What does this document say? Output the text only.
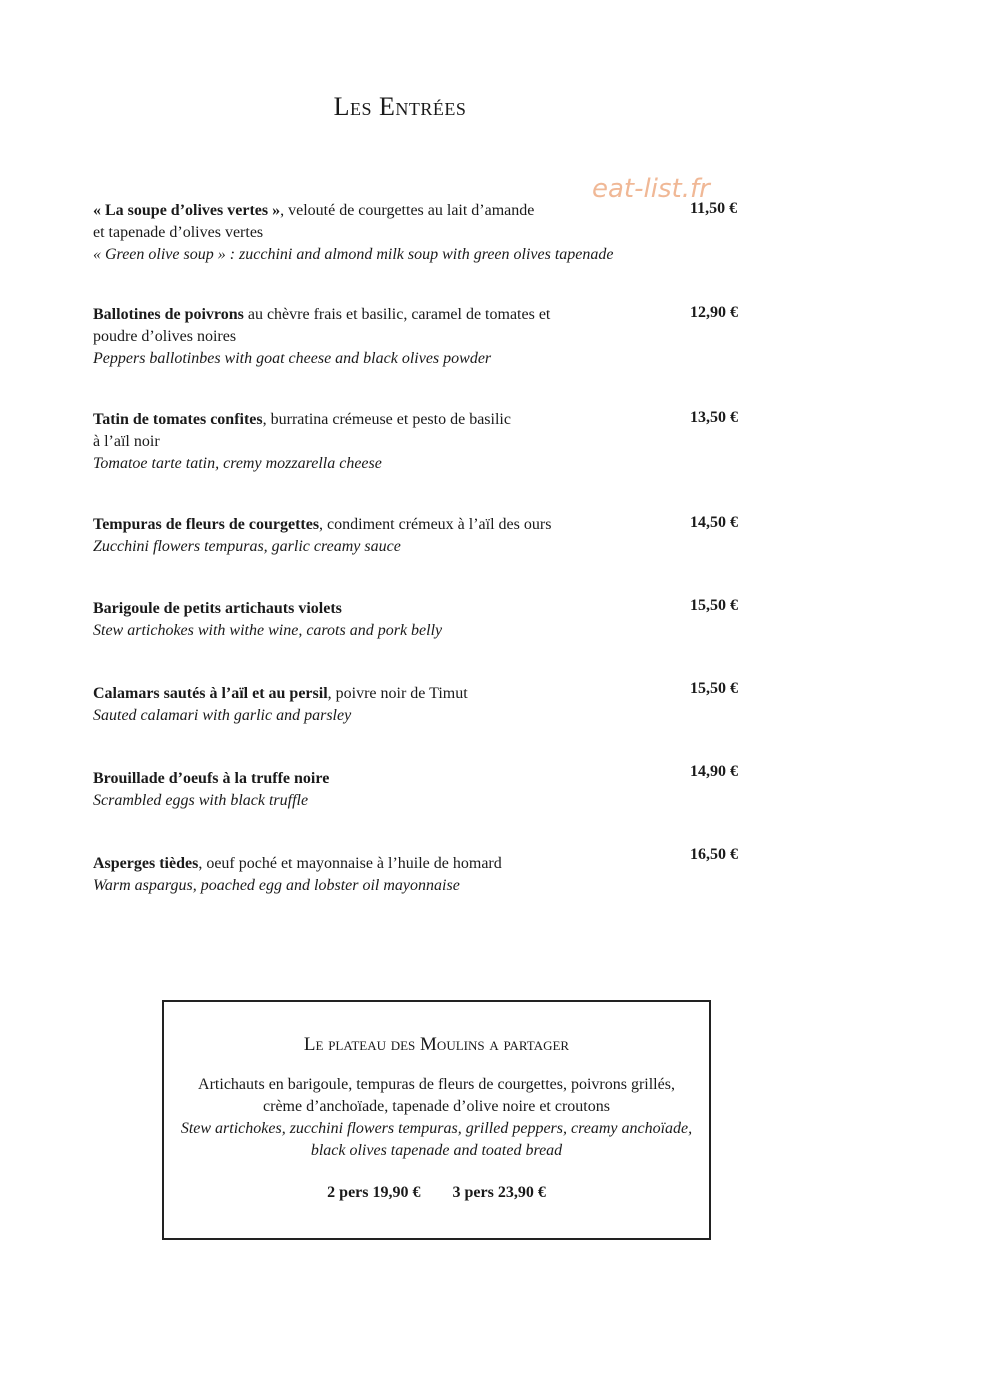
Les Entrées
eat-list.fr
« La soupe d’olives vertes », velouté de courgettes au lait d’amande
et tapenade d’olives vertes
« Green olive soup » : zucchini and almond milk soup with green olives tapenade
11,50 €
Ballotines de poivrons au chèvre frais et basilic, caramel de tomates et
poudre d’olives noires
Peppers ballotinbes with goat cheese and black olives powder
12,90 €
Tatin de tomates confites, burratina crémeuse et pesto de basilic
à l’aïl noir
Tomatoe tarte tatin, cremy mozzarella cheese
13,50 €
Tempuras de fleurs de courgettes, condiment crémeux à l’aïl des ours
Zucchini flowers tempuras, garlic creamy sauce
14,50 €
Barigoule de petits artichauts violets
Stew artichokes with withe wine, carots and pork belly
15,50 €
Calamars sautés à l’aïl et au persil, poivre noir de Timut
Sauted calamari with garlic and parsley
15,50 €
Brouillade d’oeufs à la truffe noire
Scrambled eggs with black truffle
14,90 €
Asperges tièdes, oeuf poché et mayonnaise à l’huile de homard
Warm aspargus, poached egg and lobster oil mayonnaise
16,50 €
Le plateau des Moulins a partager
Artichauts en barigoule, tempuras de fleurs de courgettes, poivrons grillés,
crème d’anchoïade, tapenade d’olive noire et croutons
Stew artichokes, zucchini flowers tempuras, grilled peppers, creamy anchoïade,
black olives tapenade and toated bread
2 pers 19,90 € 3 pers 23,90 €
